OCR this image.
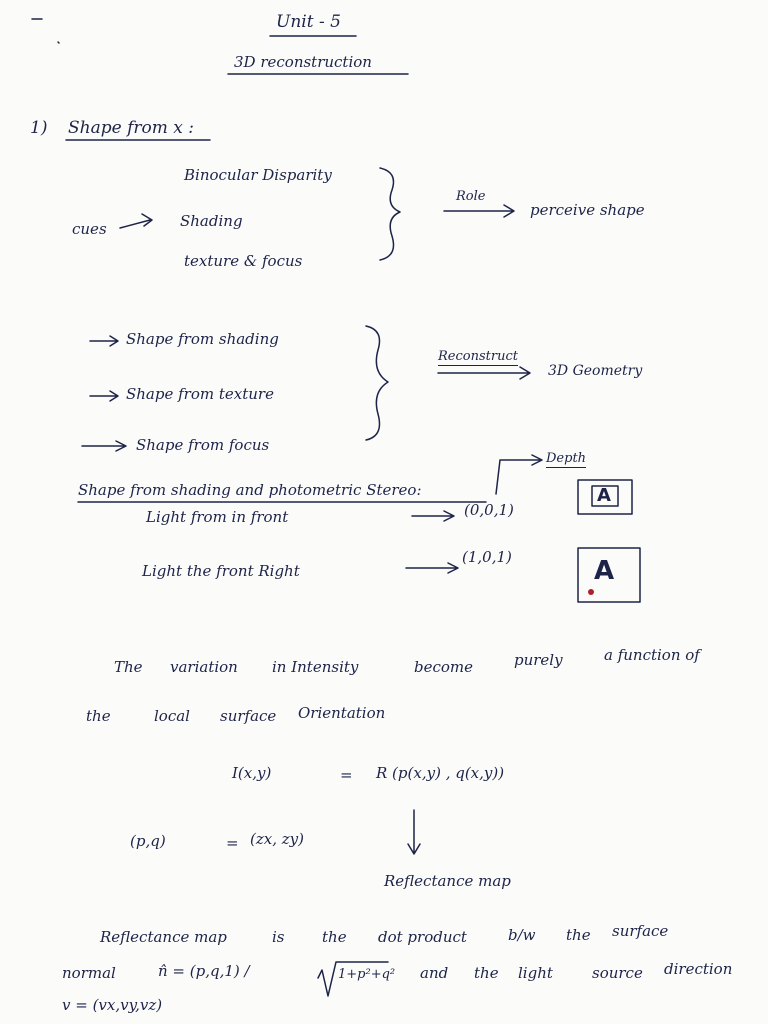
Unit - 5
3D reconstruction
1) Shape from x :
cues
Binocular Disparity
Shading
texture & focus
Role
perceive shape
Shape from shading
Shape from texture
Shape from focus
Reconstruct
3D Geometry
Shape from shading and photometric Stereo:
Depth
Light from in front	(0,0,1)
Light the front Right
(1,0,1)
A
A
The variation in Intensity	become	purely	a function of
the	local surface Orientation
I(x,y)	= R (p(x,y) , q(x,y))
(p,q)	= (zx, zy)
Reflectance map
Reflectance map	is	the dot product	b/w the surface
normal	n̂ = (p,q,1) /	1+p²+q² and the light	source direction
v = (vx,vy,vz)
